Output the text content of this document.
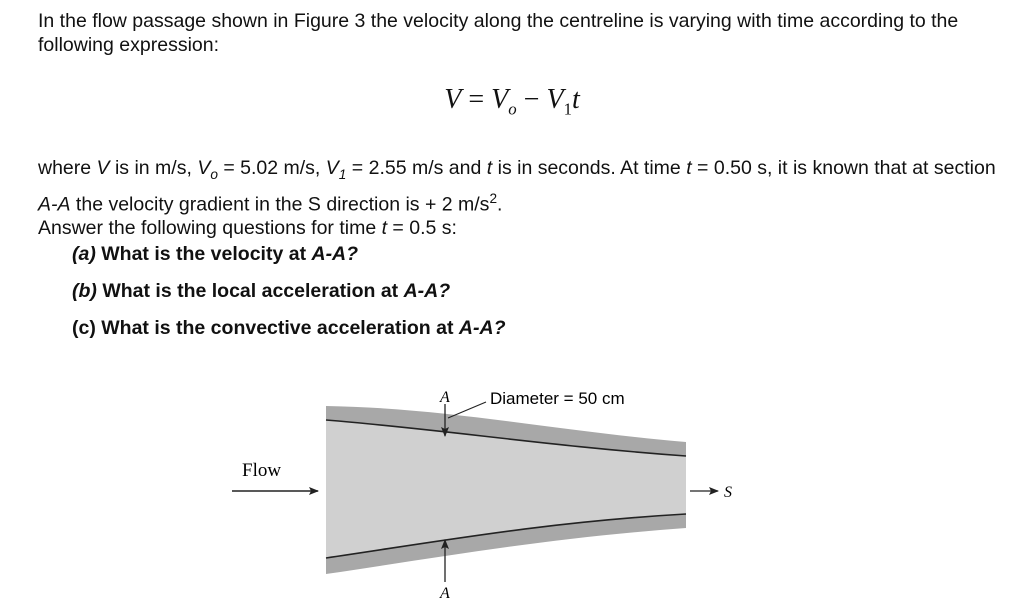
In the flow passage shown in Figure 3 the velocity along the centreline is varying with time according to the following expression:

$V = V_o - V_1t$

where V is in m/s, $V_o = 5.02$ m/s, $V_1 = 2.55$ m/s and t is in seconds. At time t = 0.50 s, it is known that at section A-A the velocity gradient in the S direction is + 2 $m/s^2$.
Answer the following questions for time t = 0.5 s:

(a) What is the velocity at A-A?

(b) What is the local acceleration at A-A?

(c) What is the convective acceleration at A-A?

A
A
Diameter = 50 cm
Flow
S
